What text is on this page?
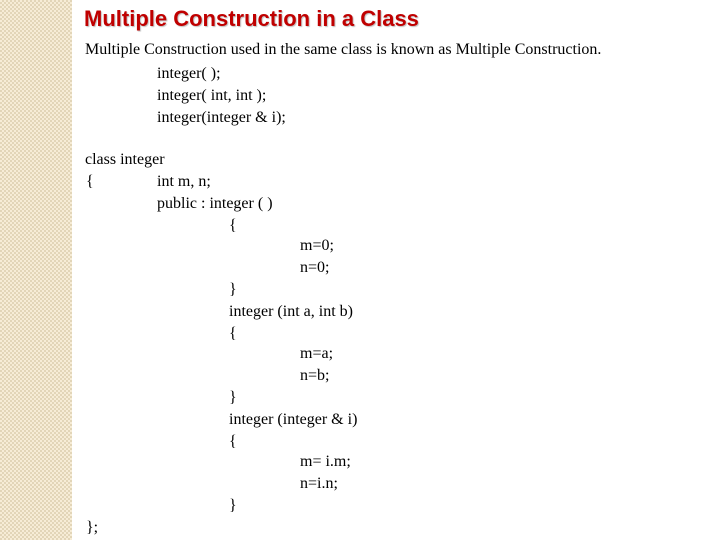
Multiple Construction in a Class
Multiple Construction used in the same class is known as Multiple Construction.
integer( );
integer( int, int );
integer(integer & i);
class integer
{	int m, n;
public : integer ( )
{
m=0;
n=0;
}
integer (int a, int b)
{
m=a;
n=b;
}
integer (integer & i)
{
m= i.m;
n=i.n;
}
};
